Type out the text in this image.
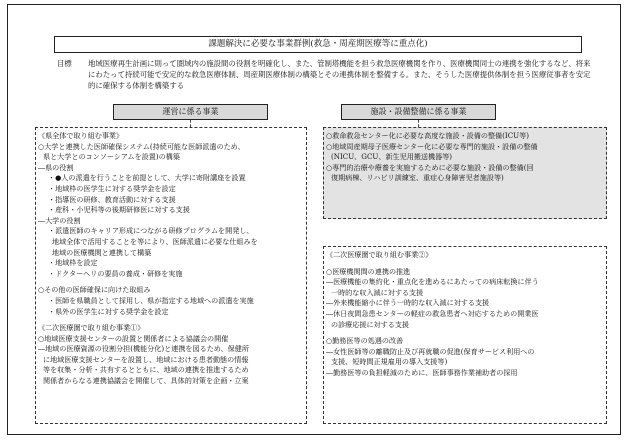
課題解決に必要な事業群例(救急・周産期医療等に重点化)
目標	地域医療再生計画に則って圏域内の施設間の役割を明確化し、また、管制塔機能を担う救急医療機関を作り、医療機関同士の連携を強化するなど、将来にわたって持続可能で安定的な救急医療体制、周産期医療体制の構築とその連携体制を整備する。また、そうした医療提供体制を担う医療従事者を安定的に確保する体制を構築する
運営に係る事業	施設・設備整備に係る事業
《県全体で取り組む事業》
○大学と連携した医師確保システム(持続可能な医師派遣のため、
県と大学とのコンソーシアムを設置)の構築
―県の役割
・●人の派遣を行うことを前提として、大学に寄附講座を設置
・地域枠の医学生に対する奨学金を設定
・指導医の研修、教育活動に対する支援
・産科・小児科等の後期研修医に対する支援
―大学の役割
・派遣医師のキャリア形成につながる研修プログラムを開発し、
地域全体で活用することを等により、医師派遣に必要な仕組みを
地域の医療機関と連携して構築
・地域枠を設定
・ドクターヘリの要員の養成・研修を実施
○その他の医師確保に向けた取組み
・医師を県職員として採用し、県が指定する地域への派遣を実施
・県外の医学生に対する奨学金を設定
《二次医療圏で取り組む事業①》
○地域医療支援センターの設置と関係者による協議会の開催
―地域の医療資源の役割分担(機能分化)と連携を図るため、保健所
に地域医療支援センターを設置し、地域における患者動態の情報
等を収集・分析・共有するとともに、地域の連携を推進するため
関係者からなる連携協議会を開催して、具体的対策を企画・立案
○救命救急センター化に必要な高度な施設・設備の整備(ICU等)
○地域周産期母子医療センター化に必要な専門的施設・設備の整備
(NICU、GCU、新生児用搬送機器等)
○専門的治療や療養を実施するために必要な施設・設備の整備(回
復期病棟、リハビリ訓練室、重症心身障害児者施設等)
《二次医療圏で取り組む事業②》
○医療機関間の連携の推進
―医療機能の集約化・重点化を進めるにあたっての病床転換に伴う
一時的な収入減に対する支援
―外来機能縮小に伴う一時的な収入減に対する支援
―休日夜間急患センターの軽症の救急患者へ対応するための開業医
の診療応援に対する支援
○勤務医等の処遇の改善
―女性医師等の離職防止及び再就職の促進(保育サービス利用への
支援、短時間正規雇用の導入支援等)
―勤務医等の負担軽減のために、医師事務作業補助者の採用
